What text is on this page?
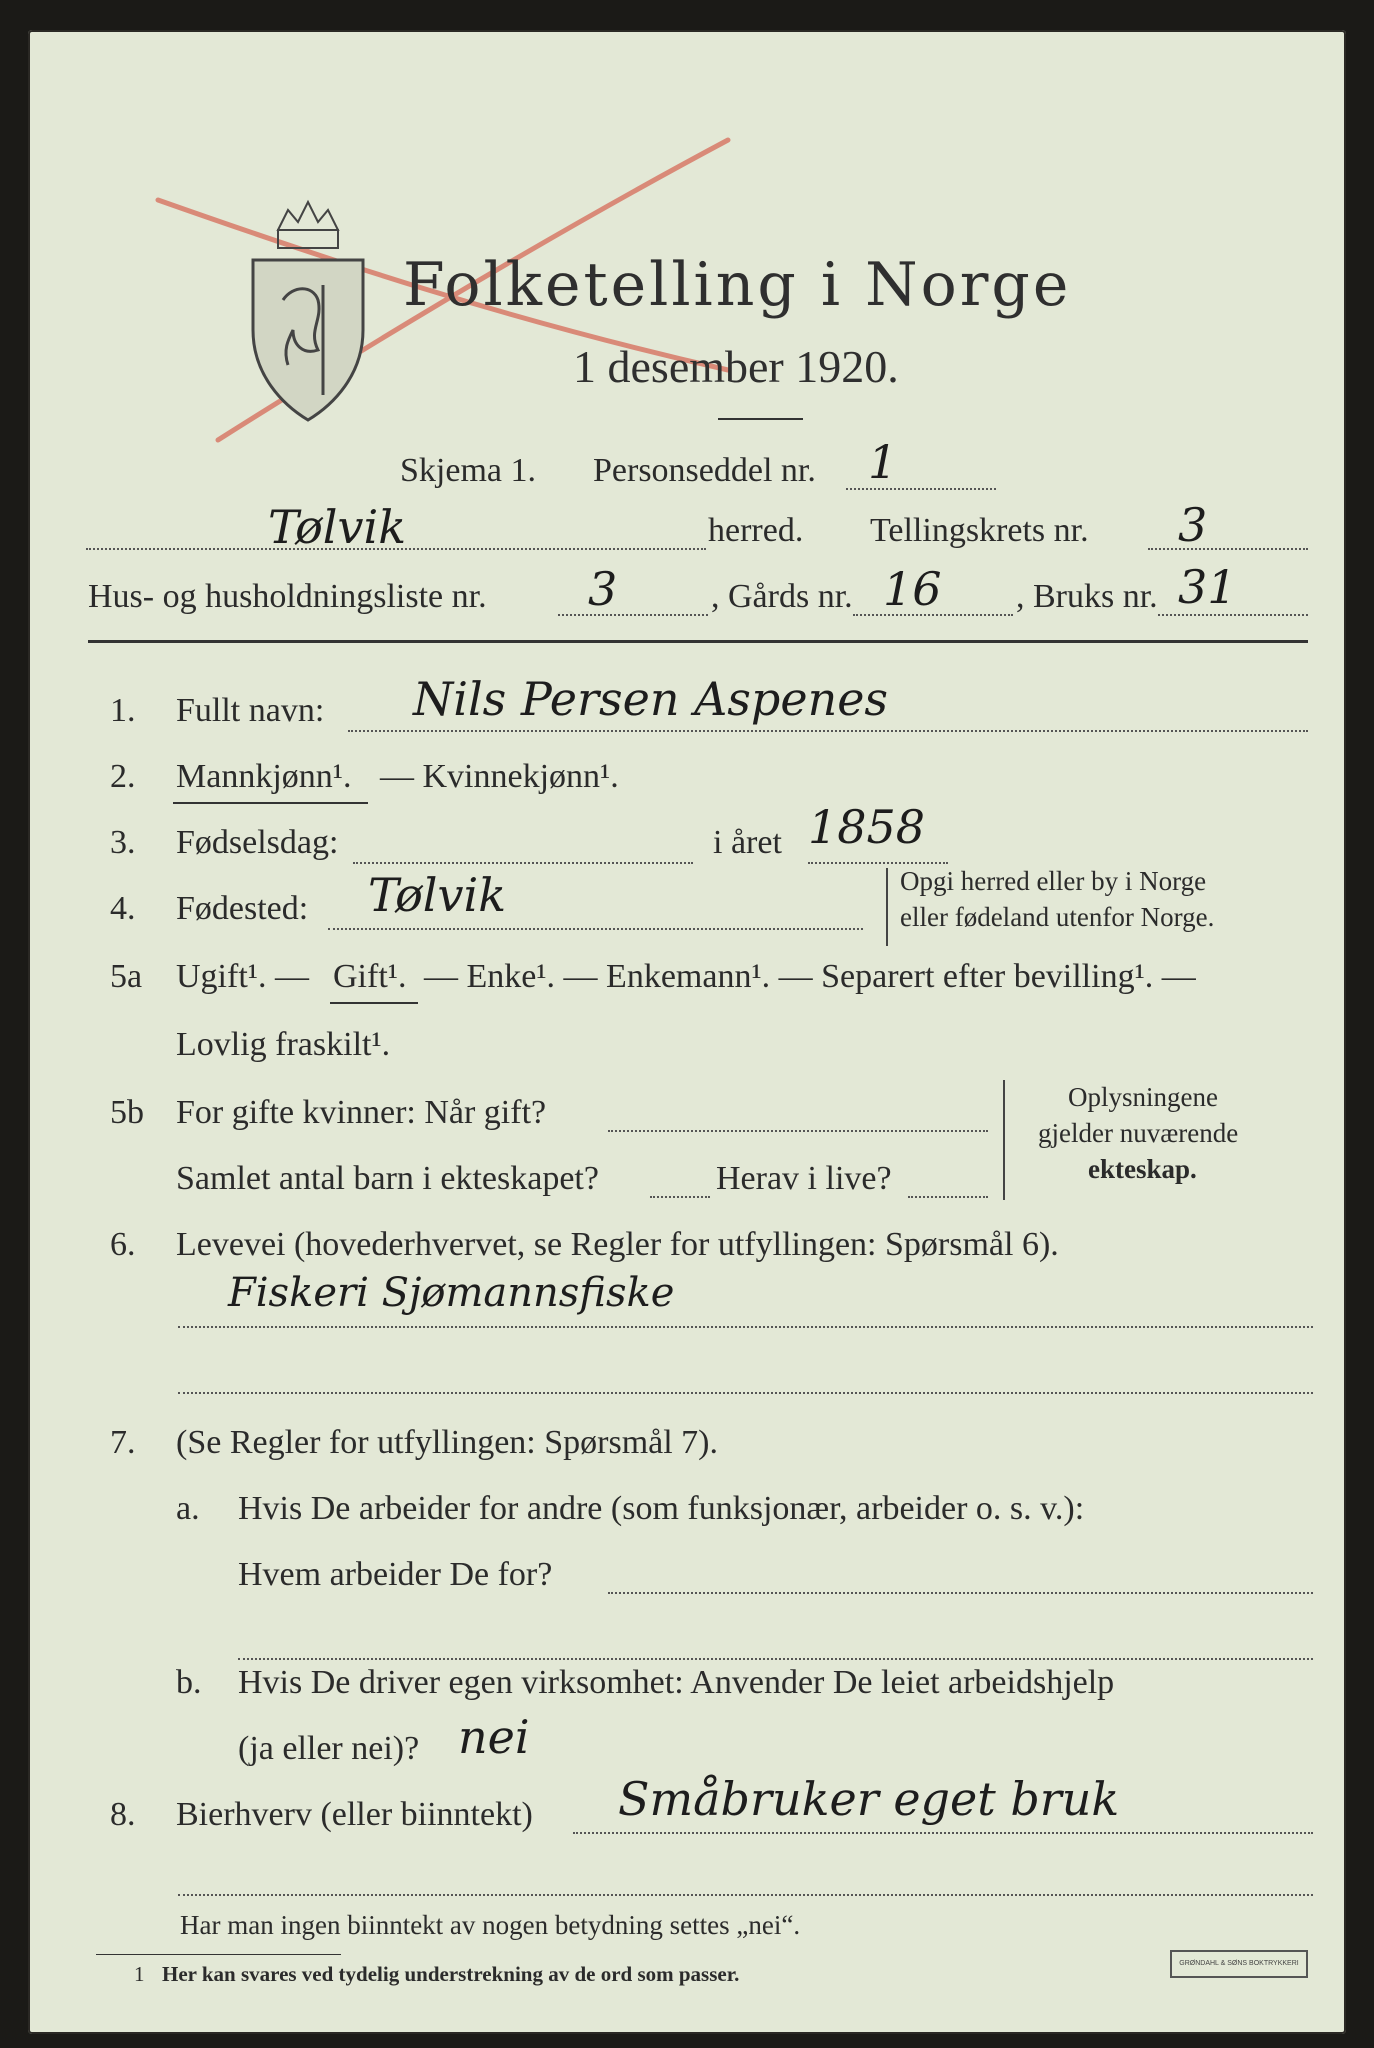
Folketelling i Norge
1 desember 1920.
Skjema 1. Personseddel nr. 1
Tølvik	herred. Tellingskrets nr. 3
Hus- og husholdningsliste nr. 3	, Gårds nr. 16 , Bruks nr. 31
1. Fullt navn: Nils Persen Aspenes
2. Mannkjønn¹. — Kvinnekjønn¹.
3. Fødselsdag:	i året 1858
4. Fødested: Tølvik	Opgi herred eller by i Norge
eller fødeland utenfor Norge.
5a Ugift¹. — Gift¹. — Enke¹. — Enkemann¹. — Separert efter bevilling¹. —
Lovlig fraskilt¹.
5b For gifte kvinner: Når gift?
Samlet antal barn i ekteskapet?	Herav i live?
Oplysningene
gjelder nuværende
ekteskap.
6. Levevei (hovederhvervet, se Regler for utfyllingen: Spørsmål 6).
Fiskeri Sjømannsfiske
7. (Se Regler for utfyllingen: Spørsmål 7).
a. Hvis De arbeider for andre (som funksjonær, arbeider o. s. v.):
Hvem arbeider De for?
b. Hvis De driver egen virksomhet: Anvender De leiet arbeidshjelp
(ja eller nei)? nei
8. Bierhverv (eller biinntekt) Småbruker eget bruk
Har man ingen biinntekt av nogen betydning settes „nei“.
1 Her kan svares ved tydelig understrekning av de ord som passer.	GRØNDAHL & SØNS BOKTRYKKERI
